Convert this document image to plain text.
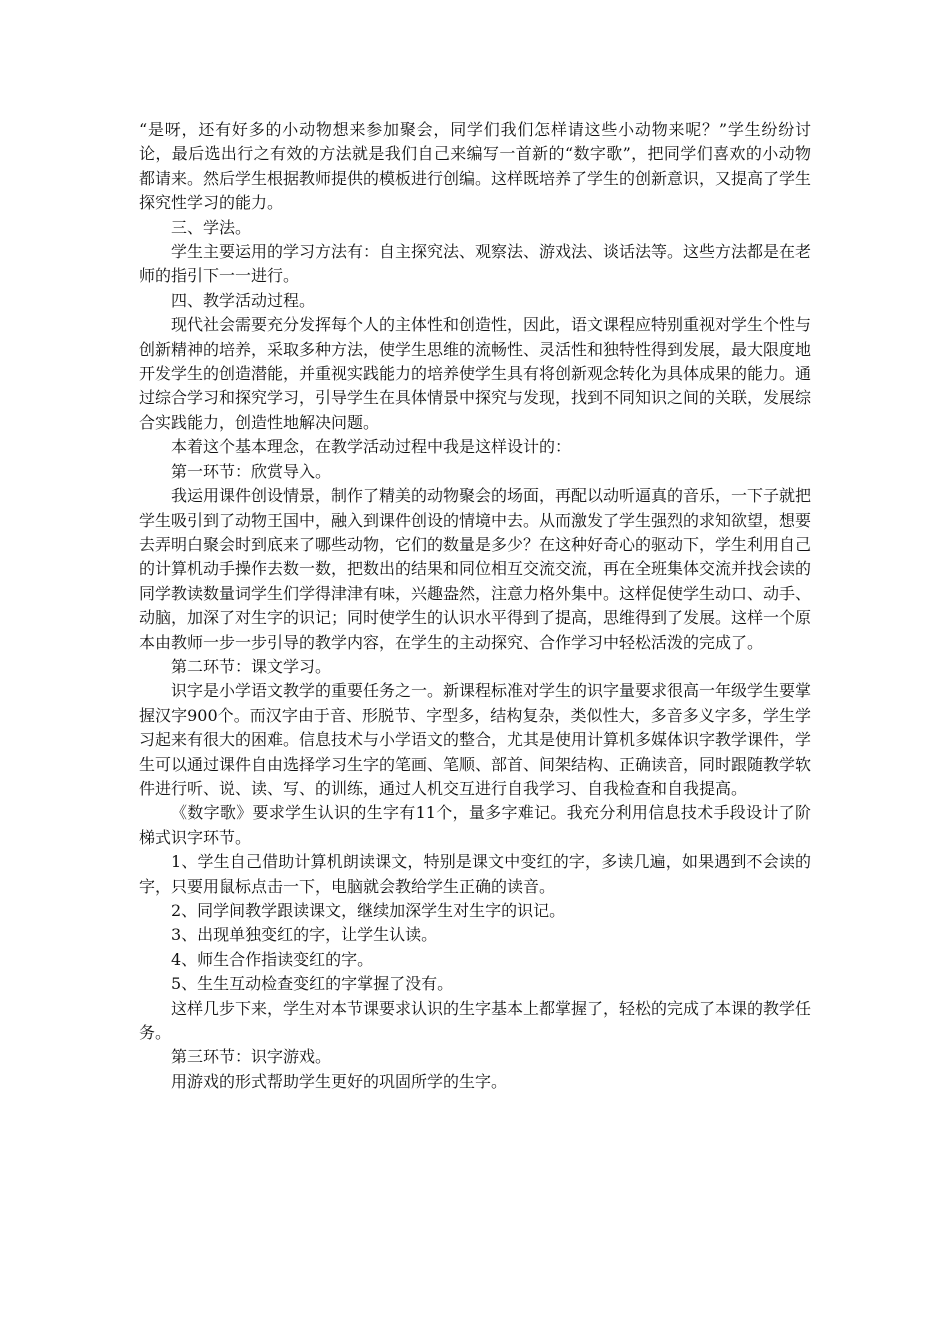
“是呀，还有好多的小动物想来参加聚会，同学们我们怎样请这些小动物来呢？”学生纷纷讨论，最后选出行之有效的方法就是我们自己来编写一首新的“数字歌”，把同学们喜欢的小动物都请来。然后学生根据教师提供的模板进行创编。这样既培养了学生的创新意识，又提高了学生探究性学习的能力。

三、学法。

学生主要运用的学习方法有：自主探究法、观察法、游戏法、谈话法等。这些方法都是在老师的指引下一一进行。

四、教学活动过程。

现代社会需要充分发挥每个人的主体性和创造性，因此，语文课程应特别重视对学生个性与创新精神的培养，采取多种方法，使学生思维的流畅性、灵活性和独特性得到发展，最大限度地开发学生的创造潜能，并重视实践能力的培养使学生具有将创新观念转化为具体成果的能力。通过综合学习和探究学习，引导学生在具体情景中探究与发现，找到不同知识之间的关联，发展综合实践能力，创造性地解决问题。

本着这个基本理念，在教学活动过程中我是这样设计的：

第一环节：欣赏导入。

我运用课件创设情景，制作了精美的动物聚会的场面，再配以动听逼真的音乐，一下子就把学生吸引到了动物王国中，融入到课件创设的情境中去。从而激发了学生强烈的求知欲望，想要去弄明白聚会时到底来了哪些动物，它们的数量是多少？在这种好奇心的驱动下，学生利用自己的计算机动手操作去数一数，把数出的结果和同位相互交流交流，再在全班集体交流并找会读的同学教读数量词学生们学得津津有味，兴趣盎然，注意力格外集中。这样促使学生动口、动手、动脑，加深了对生字的识记；同时使学生的认识水平得到了提高，思维得到了发展。这样一个原本由教师一步一步引导的教学内容，在学生的主动探究、合作学习中轻松活泼的完成了。

第二环节：课文学习。

识字是小学语文教学的重要任务之一。新课程标准对学生的识字量要求很高一年级学生要掌握汉字900个。而汉字由于音、形脱节、字型多，结构复杂，类似性大，多音多义字多，学生学习起来有很大的困难。信息技术与小学语文的整合，尤其是使用计算机多媒体识字教学课件，学生可以通过课件自由选择学习生字的笔画、笔顺、部首、间架结构、正确读音，同时跟随教学软件进行听、说、读、写、的训练，通过人机交互进行自我学习、自我检查和自我提高。

《数字歌》要求学生认识的生字有11个，量多字难记。我充分利用信息技术手段设计了阶梯式识字环节。

1、学生自己借助计算机朗读课文，特别是课文中变红的字，多读几遍，如果遇到不会读的字，只要用鼠标点击一下，电脑就会教给学生正确的读音。

2、同学间教学跟读课文，继续加深学生对生字的识记。

3、出现单独变红的字，让学生认读。

4、师生合作指读变红的字。

5、生生互动检查变红的字掌握了没有。

这样几步下来，学生对本节课要求认识的生字基本上都掌握了，轻松的完成了本课的教学任务。

第三环节：识字游戏。

用游戏的形式帮助学生更好的巩固所学的生字。
